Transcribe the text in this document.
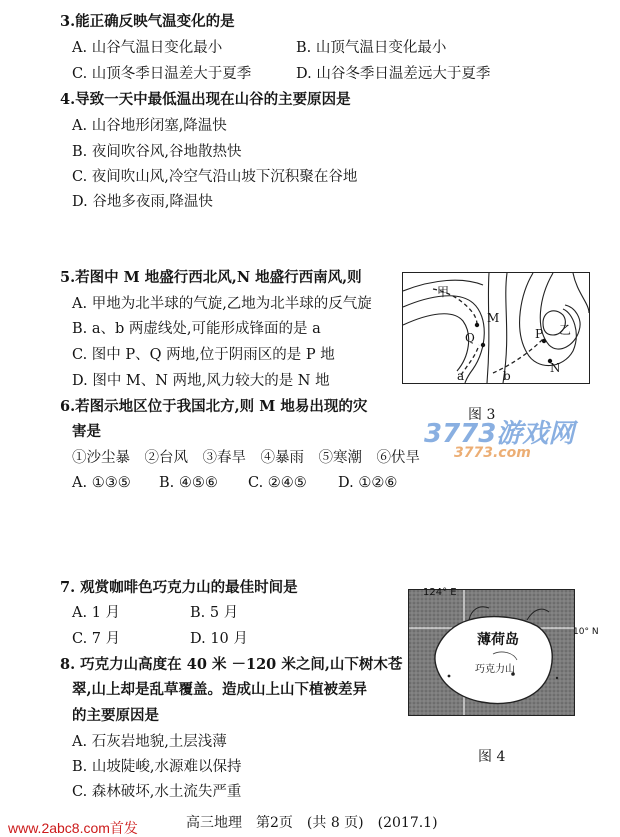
3.能正确反映气温变化的是
A. 山谷气温日变化最小	B. 山顶气温日变化最小
C. 山顶冬季日温差大于夏季	D. 山谷冬季日温差远大于夏季
4.导致一天中最低温出现在山谷的主要原因是
A. 山谷地形闭塞,降温快
B. 夜间吹谷风,谷地散热快
C. 夜间吹山风,冷空气沿山坡下沉积聚在谷地
D. 谷地多夜雨,降温快
5.若图中 M 地盛行西北风,N 地盛行西南风,则
A. 甲地为北半球的气旋,乙地为北半球的反气旋
B. a、b 两虚线处,可能形成锋面的是 a
C. 图中 P、Q 两地,位于阴雨区的是 P 地
D. 图中 M、N 两地,风力较大的是 N 地
甲
乙
M
Q	P
N
a	b
图 3
3773游戏网
3773.com
6.若图示地区位于我国北方,则 M 地易出现的灾
害是
①沙尘暴　②台风　③春旱　④暴雨　⑤寒潮　⑥伏旱
A. ①③⑤ B. ④⑤⑥ C. ②④⑤ D. ①②⑥
7. 观赏咖啡色巧克力山的最佳时间是
A. 1 月	B. 5 月
C. 7 月	D. 10 月
8. 巧克力山高度在 40 米 －120 米之间,山下树木苍
翠,山上却是乱草覆盖。造成山上山下植被差异
的主要原因是
A. 石灰岩地貌,土层浅薄
B. 山坡陡峻,水源难以保持
C. 森林破坏,水土流失严重
124° E
薄荷岛
巧克力山
10° N
图 4
www.2abc8.com首发	高三地理　第2页　(共 8 页)　(2017.1)
